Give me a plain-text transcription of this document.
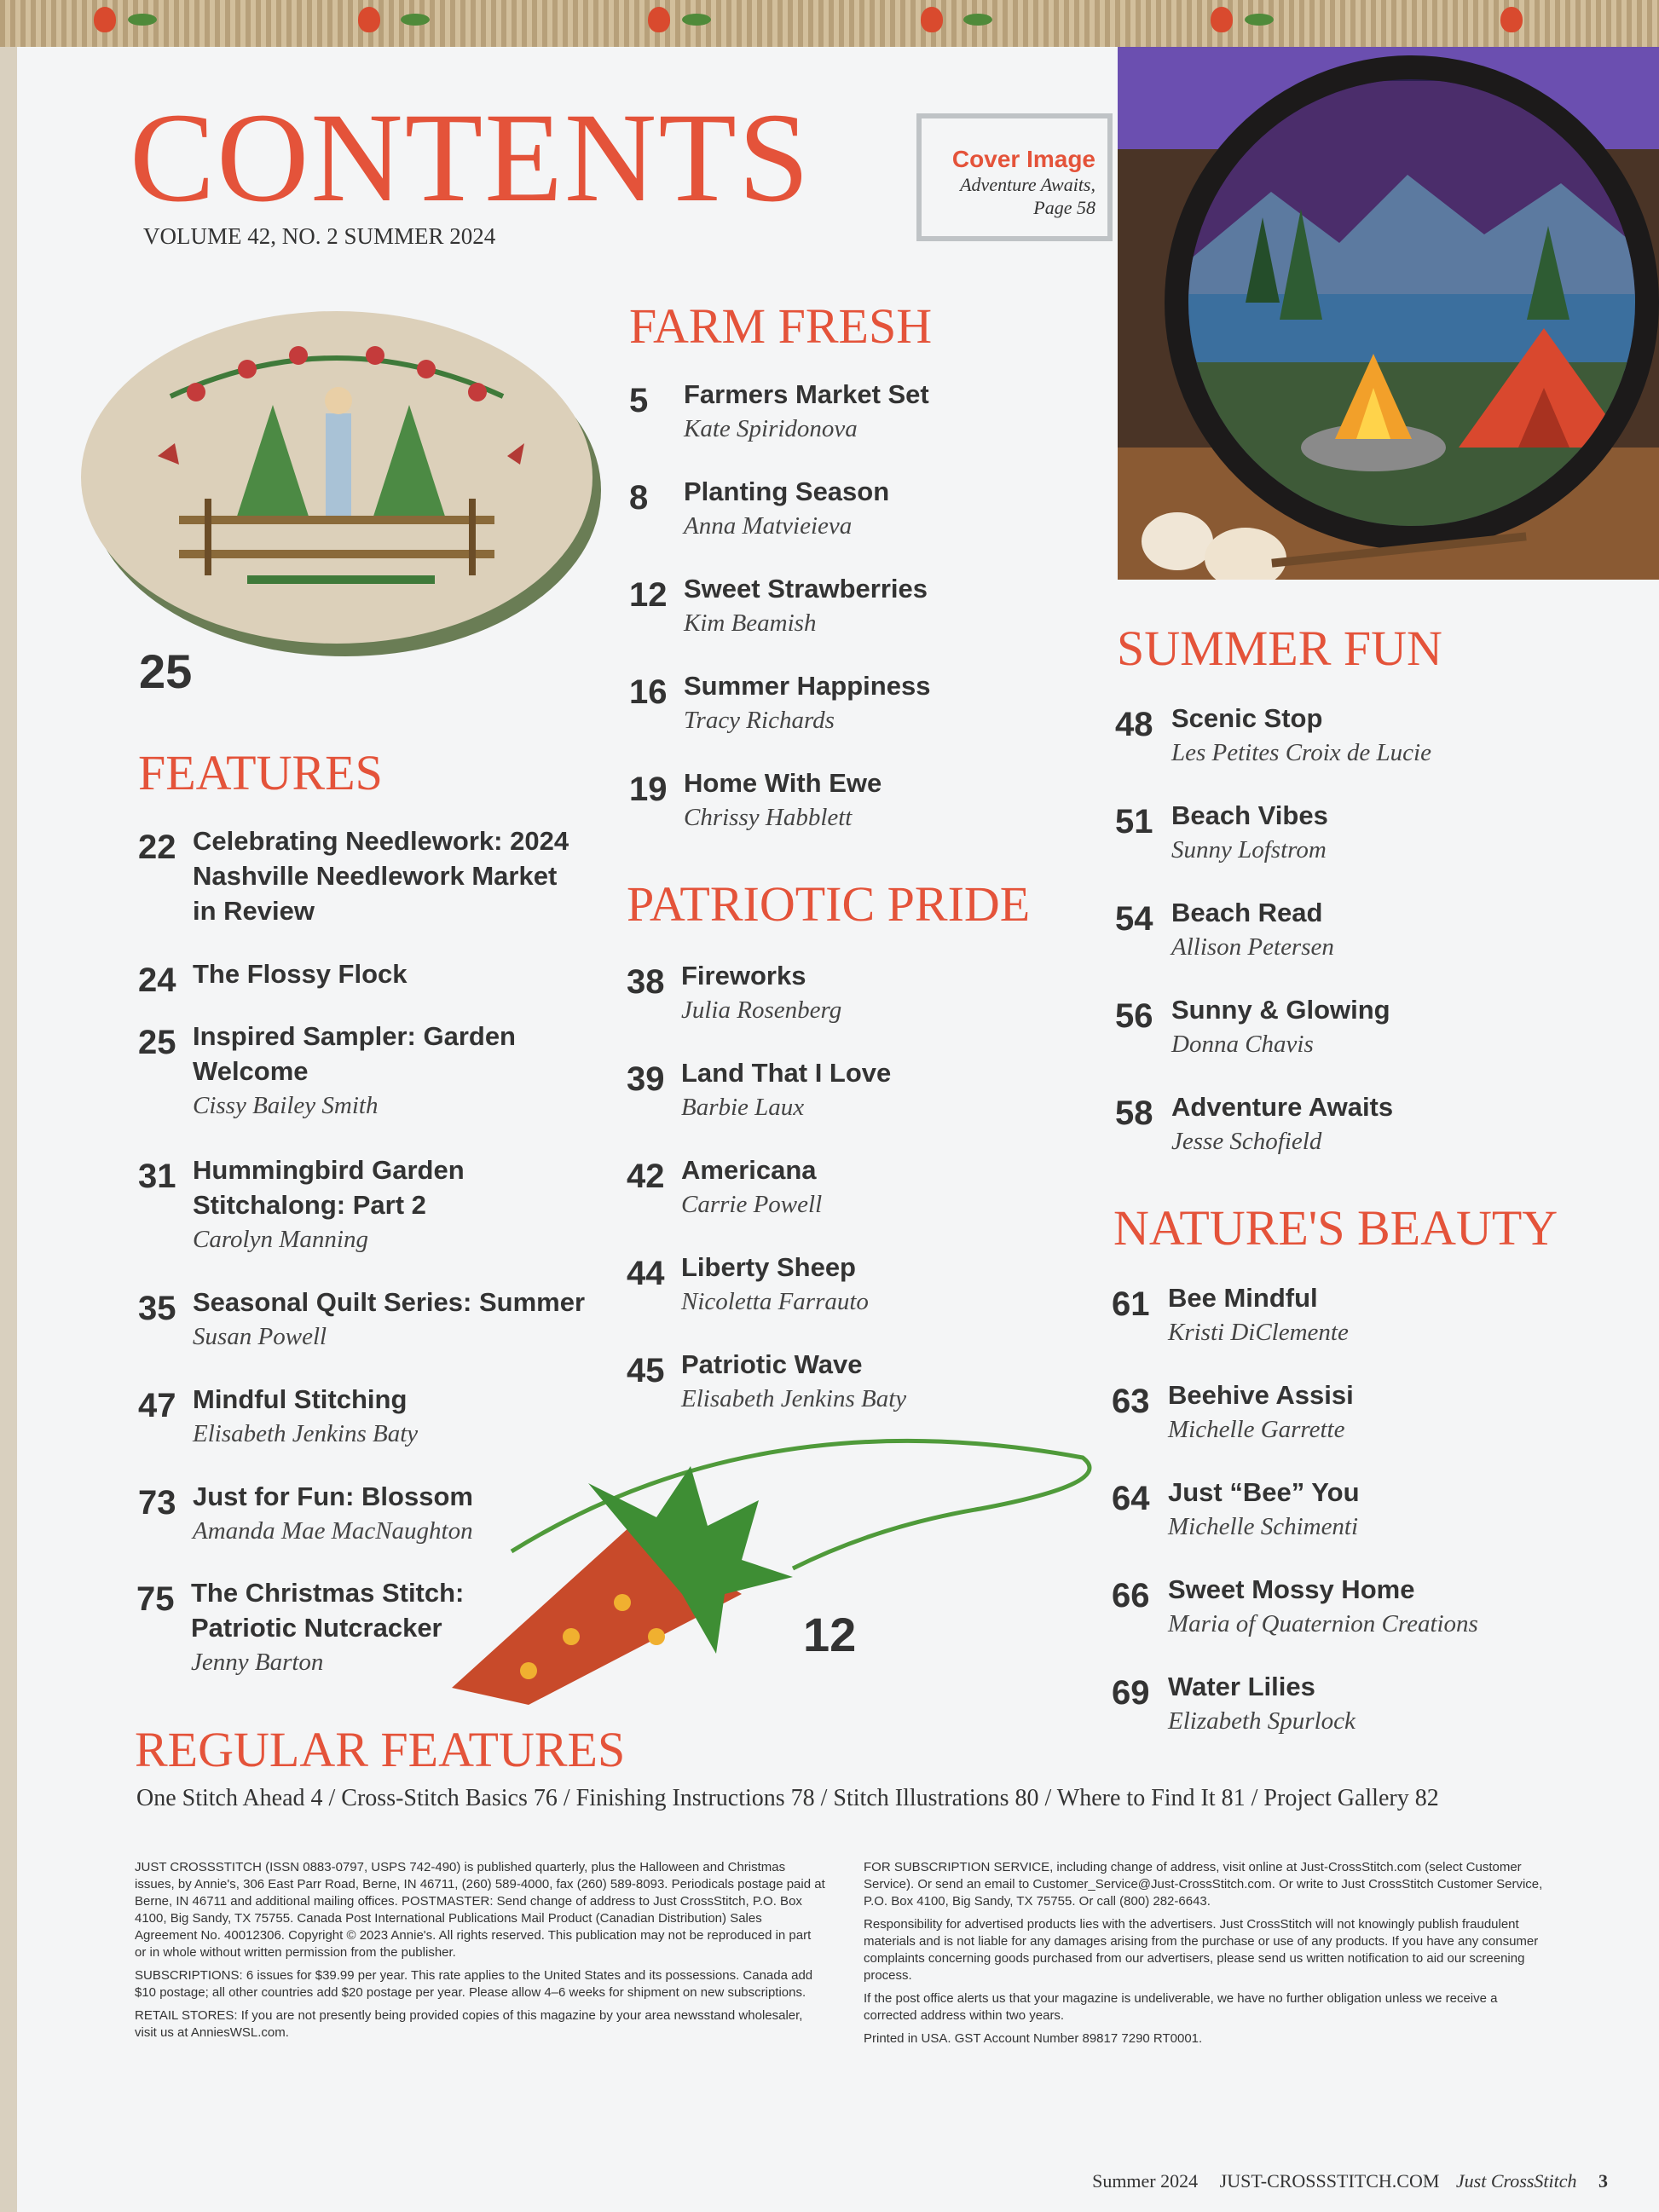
CONTENTS
VOLUME 42, NO. 2 SUMMER 2024
Cover Image
Adventure Awaits,
Page 58
25
12
FEATURES
22 Celebrating Needlework: 2024
Nashville Needlework Market
in Review
24 The Flossy Flock
25 Inspired Sampler: Garden
Welcome
Cissy Bailey Smith
31 Hummingbird Garden
Stitchalong: Part 2
Carolyn Manning
35 Seasonal Quilt Series: Summer
Susan Powell
47 Mindful Stitching
Elisabeth Jenkins Baty
73 Just for Fun: Blossom
Amanda Mae MacNaughton
75 The Christmas Stitch:
Patriotic Nutcracker
Jenny Barton
FARM FRESH
5 Farmers Market Set
Kate Spiridonova
8 Planting Season
Anna Matvieieva
12 Sweet Strawberries
Kim Beamish
16 Summer Happiness
Tracy Richards
19 Home With Ewe
Chrissy Habblett
PATRIOTIC PRIDE
38 Fireworks
Julia Rosenberg
39 Land That I Love
Barbie Laux
42 Americana
Carrie Powell
44 Liberty Sheep
Nicoletta Farrauto
45 Patriotic Wave
Elisabeth Jenkins Baty
SUMMER FUN
48 Scenic Stop
Les Petites Croix de Lucie
51 Beach Vibes
Sunny Lofstrom
54 Beach Read
Allison Petersen
56 Sunny & Glowing
Donna Chavis
58 Adventure Awaits
Jesse Schofield
NATURE'S BEAUTY
61 Bee Mindful
Kristi DiClemente
63 Beehive Assisi
Michelle Garrette
64 Just “Bee” You
Michelle Schimenti
66 Sweet Mossy Home
Maria of Quaternion Creations
69 Water Lilies
Elizabeth Spurlock
REGULAR FEATURES
One Stitch Ahead 4 / Cross-Stitch Basics 76 / Finishing Instructions 78 / Stitch Illustrations 80 / Where to Find It 81 / Project Gallery 82

JUST CROSSSTITCH (ISSN 0883-0797, USPS 742-490) is published quarterly, plus the Halloween and Christmas issues, by Annie's, 306 East Parr Road, Berne, IN 46711, (260) 589-4000, fax (260) 589-8093. Periodicals postage paid at Berne, IN 46711 and additional mailing offices. POSTMASTER: Send change of address to Just CrossStitch, P.O. Box 4100, Big Sandy, TX 75755. Canada Post International Publications Mail Product (Canadian Distribution) Sales Agreement No. 40012306. Copyright © 2023 Annie's. All rights reserved. This publication may not be reproduced in part or in whole without written permission from the publisher.

SUBSCRIPTIONS: 6 issues for $39.99 per year. This rate applies to the United States and its possessions. Canada add $10 postage; all other countries add $20 postage per year. Please allow 4–6 weeks for shipment on new subscriptions.

RETAIL STORES: If you are not presently being provided copies of this magazine by your area newsstand wholesaler, visit us at AnniesWSL.com.

FOR SUBSCRIPTION SERVICE, including change of address, visit online at Just-CrossStitch.com (select Customer Service). Or send an email to Customer_Service@Just-CrossStitch.com. Or write to Just CrossStitch Customer Service, P.O. Box 4100, Big Sandy, TX 75755. Or call (800) 282-6643.

Responsibility for advertised products lies with the advertisers. Just CrossStitch will not knowingly publish fraudulent materials and is not liable for any damages arising from the purchase or use of any products. If you have any consumer complaints concerning goods purchased from our advertisers, please send us written notification to aid our screening process.

If the post office alerts us that your magazine is undeliverable, we have no further obligation unless we receive a corrected address within two years.

Printed in USA. GST Account Number 89817 7290 RT0001.

Summer 2024 JUST-CROSSSTITCH.COM Just CrossStitch 3
